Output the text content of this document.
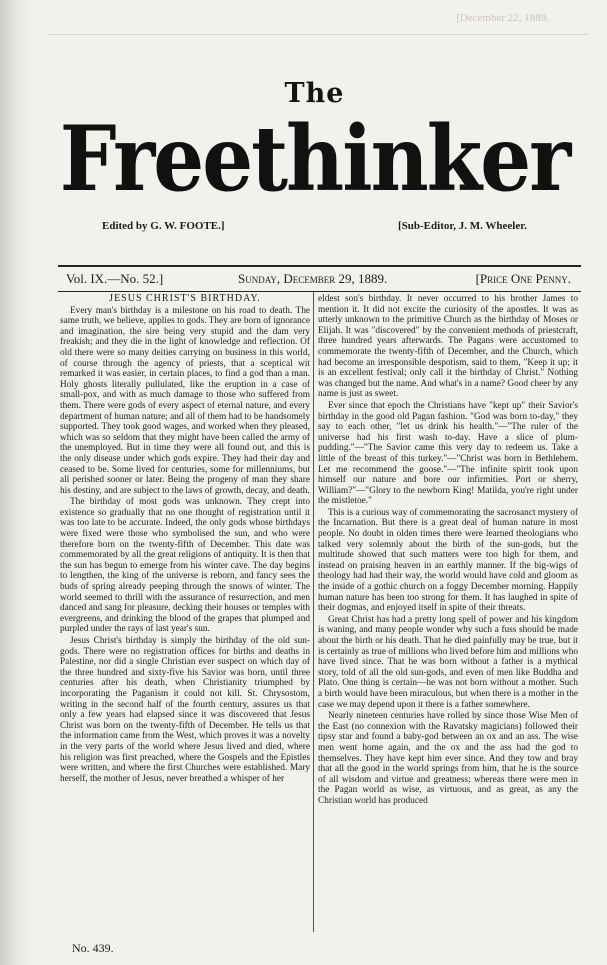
[December 22, 1889.
The
Freethinker
Edited by G. W. FOOTE.]	[Sub-Editor, J. M. Wheeler.
Vol. IX.—No. 52.]	Sunday, December 29, 1889.	[Price One Penny.

JESUS CHRIST'S BIRTHDAY.

Every man's birthday is a milestone on his road to death. The same truth, we believe, applies to gods. They are born of ignorance and imagination, the sire being very stupid and the dam very freakish; and they die in the light of knowledge and reflection. Of old there were so many deities carrying on business in this world, of course through the agency of priests, that a sceptical wit remarked it was easier, in certain places, to find a god than a man. Holy ghosts literally pullulated, like the eruption in a case of small-pox, and with as much damage to those who suffered from them. There were gods of every aspect of eternal nature, and every department of human nature; and all of them had to be handsomely supported. They took good wages, and worked when they pleased, which was so seldom that they might have been called the army of the unemployed. But in time they were all found out, and this is the only disease under which gods expire. They had their day and ceased to be. Some lived for centuries, some for millenniums, but all perished sooner or later. Being the progeny of man they share his destiny, and are subject to the laws of growth, decay, and death.

The birthday of most gods was unknown. They crept into existence so gradually that no one thought of registration until it was too late to be accurate. Indeed, the only gods whose birthdays were fixed were those who symbolised the sun, and who were therefore born on the twenty-fifth of December. This date was commemorated by all the great religions of antiquity. It is then that the sun has begun to emerge from his winter cave. The day begins to lengthen, the king of the universe is reborn, and fancy sees the buds of spring already peeping through the snows of winter. The world seemed to thrill with the assurance of resurrection, and men danced and sang for pleasure, decking their houses or temples with evergreens, and drinking the blood of the grapes that plumped and purpled under the rays of last year's sun.

Jesus Christ's birthday is simply the birthday of the old sun-gods. There were no registration offices for births and deaths in Palestine, nor did a single Christian ever suspect on which day of the three hundred and sixty-five his Savior was born, until three centuries after his death, when Christianity triumphed by incorporating the Paganism it could not kill. St. Chrysostom, writing in the second half of the fourth century, assures us that only a few years had elapsed since it was discovered that Jesus Christ was born on the twenty-fifth of December. He tells us that the information came from the West, which proves it was a novelty in the very parts of the world where Jesus lived and died, where his religion was first preached, where the Gospels and the Epistles were written, and where the first Churches were established. Mary herself, the mother of Jesus, never breathed a whisper of her

eldest son's birthday. It never occurred to his brother James to mention it. It did not excite the curiosity of the apostles. It was as utterly unknown to the primitive Church as the birthday of Moses or Elijah. It was "discovered" by the convenient methods of priestcraft, three hundred years afterwards. The Pagans were accustomed to commemorate the twenty-fifth of December, and the Church, which had become an irresponsible despotism, said to them, "Keep it up; it is an excellent festival; only call it the birthday of Christ." Nothing was changed but the name. And what's in a name? Good cheer by any name is just as sweet.

Ever since that epoch the Christians have "kept up" their Savior's birthday in the good old Pagan fashion. "God was born to-day," they say to each other, "let us drink his health."—"The ruler of the universe had his first wash to-day. Have a slice of plum-pudding."—"The Savior came this very day to redeem us. Take a little of the breast of this turkey."—"Christ was born in Bethlehem. Let me recommend the goose."—"The infinite spirit took upon himself our nature and bore our infirmities. Port or sherry, William?"—"Glory to the newborn King! Matilda, you're right under the mistletoe."

This is a curious way of commemorating the sacrosanct mystery of the Incarnation. But there is a great deal of human nature in most people. No doubt in olden times there were learned theologians who talked very solemnly about the birth of the sun-gods, but the multitude showed that such matters were too high for them, and instead on praising heaven in an earthly manner. If the big-wigs of theology had had their way, the world would have cold and gloom as the inside of a gothic church on a foggy December morning. Happily human nature has been too strong for them. It has laughed in spite of their dogmas, and enjoyed itself in spite of their threats.

Great Christ has had a pretty long spell of power and his kingdom is waning, and many people wonder why such a fuss should be made about the birth or his death. That he died painfully may be true, but it is certainly as true of millions who lived before him and millions who have lived since. That he was born without a father is a mythical story, told of all the old sun-gods, and even of men like Buddha and Plato. One thing is certain—he was not born without a mother. Such a birth would have been miraculous, but when there is a mother in the case we may depend upon it there is a father somewhere.

Nearly nineteen centuries have rolled by since those Wise Men of the East (no connexion with the Ravatsky magicians) followed their tipsy star and found a baby-god between an ox and an ass. The wise men went home again, and the ox and the ass had the god to themselves. They have kept him ever since. And they tow and bray that all the good in the world springs from him, that he is the source of all wisdom and virtue and greatness; whereas there were men in the Pagan world as wise, as virtuous, and as great, as any the Christian world has produced

No. 439.
